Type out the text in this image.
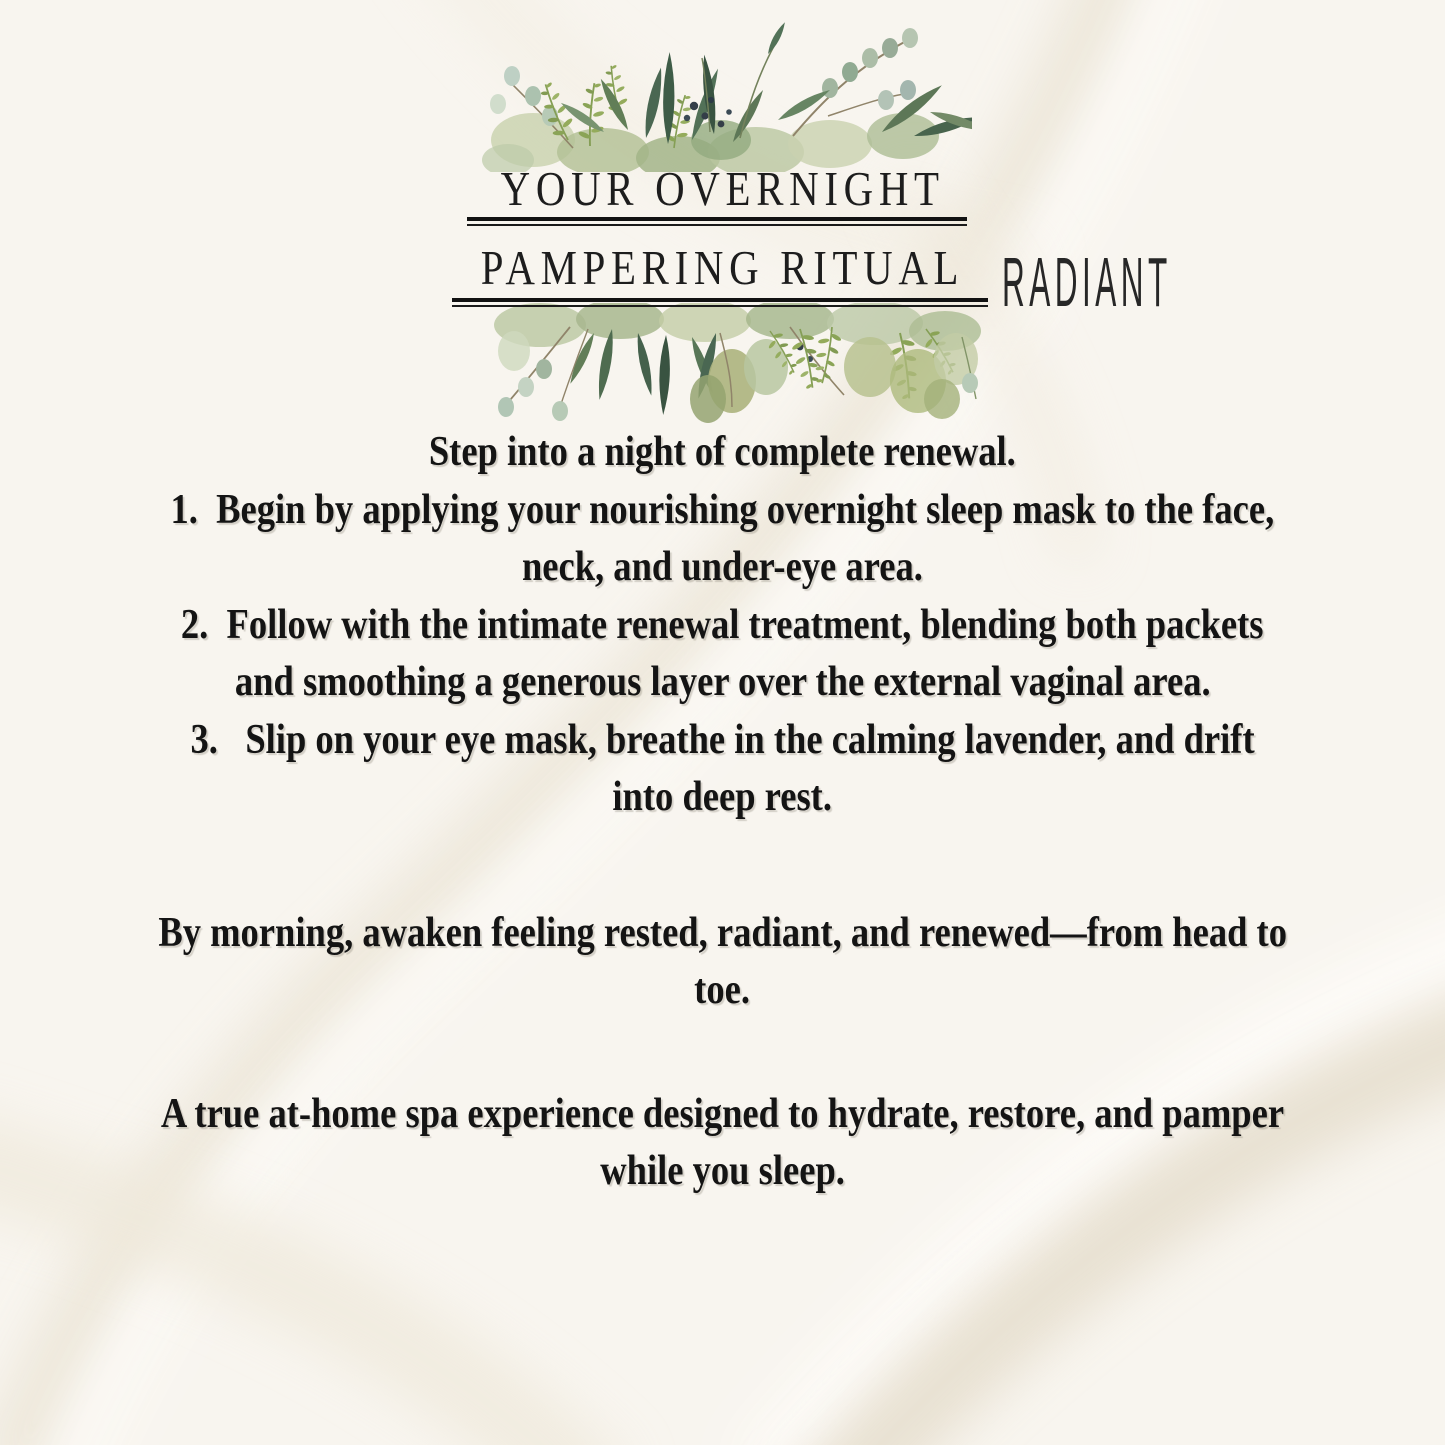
YOUR OVERNIGHT
PAMPERING RITUAL RADIANT
Step into a night of complete renewal.
1.  Begin by applying your nourishing overnight sleep mask to the face,
neck, and under-eye area.
2.  Follow with the intimate renewal treatment, blending both packets
and smoothing a generous layer over the external vaginal area.
3.   Slip on your eye mask, breathe in the calming lavender, and drift
into deep rest.
By morning, awaken feeling rested, radiant, and renewed—from head to
toe.
A true at-home spa experience designed to hydrate, restore, and pamper
while you sleep.
